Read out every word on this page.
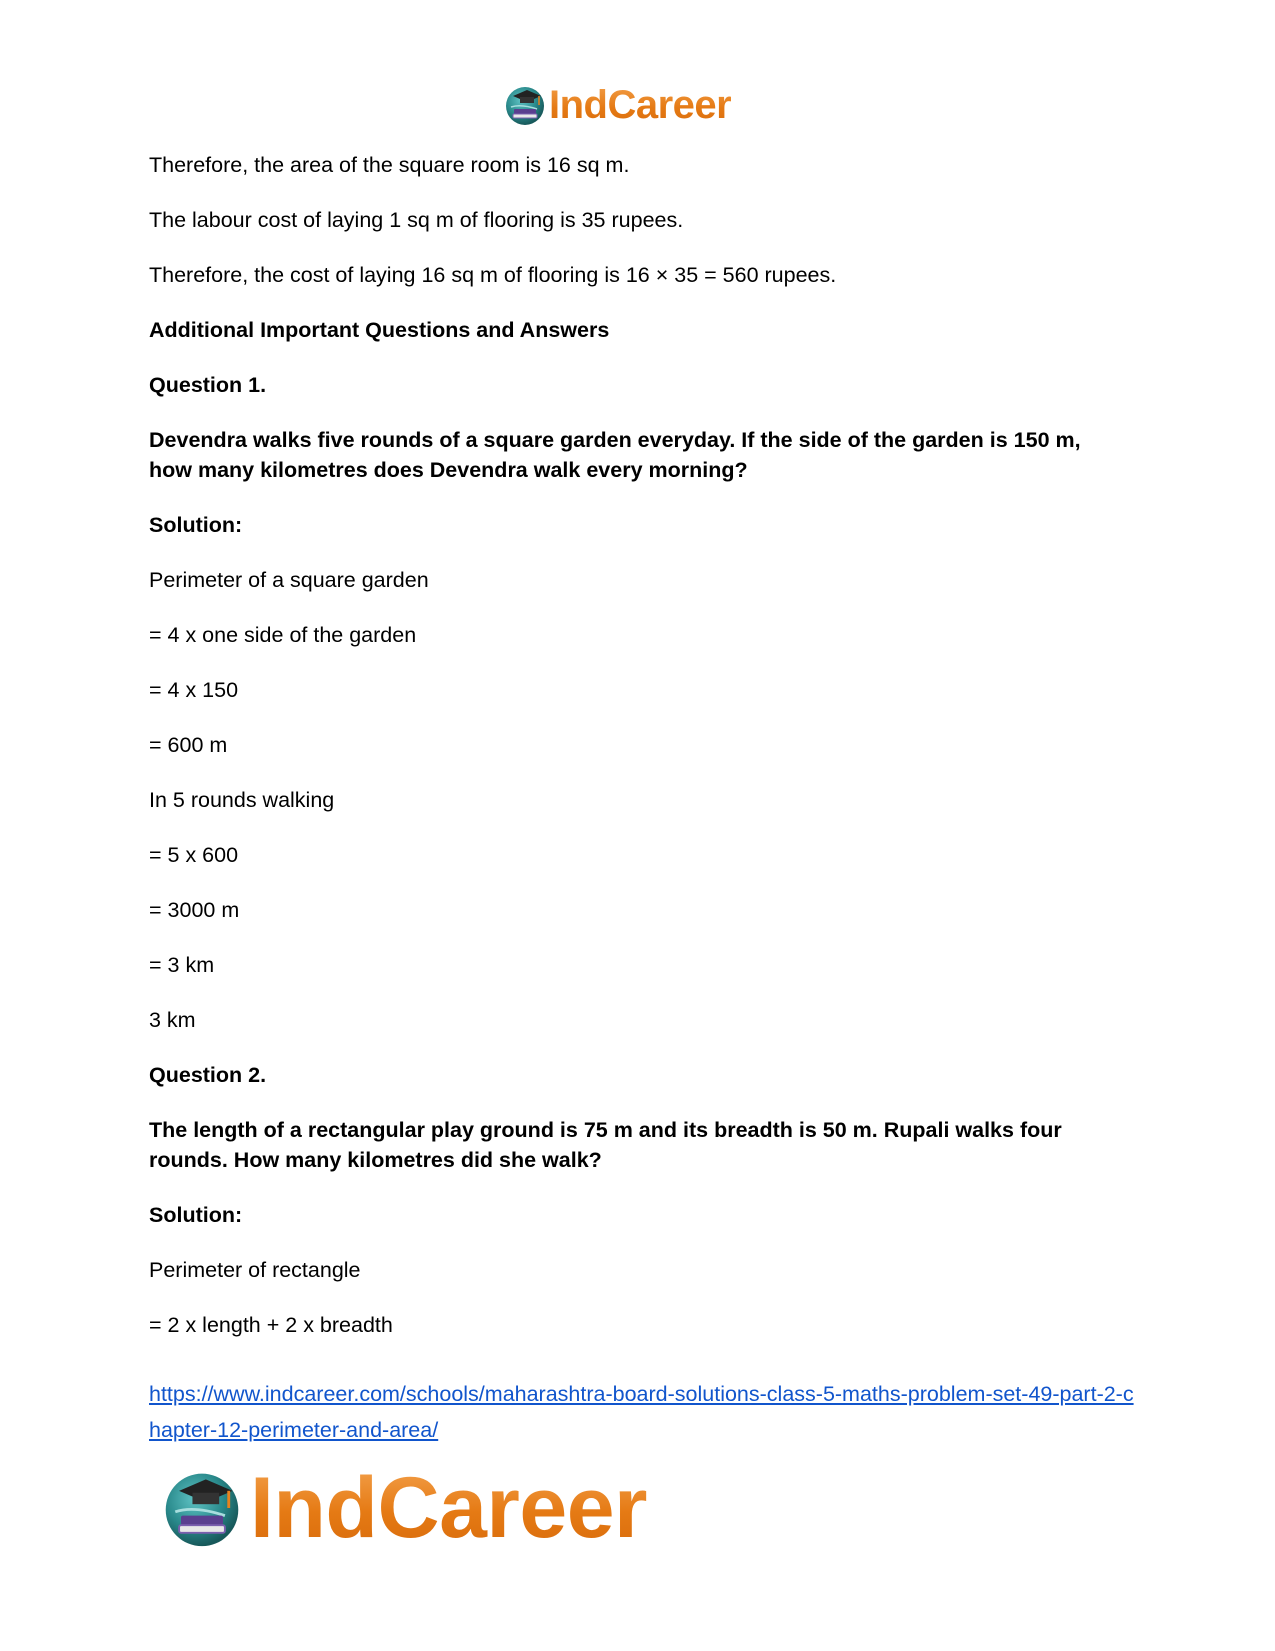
IndCareer

Therefore, the area of the square room is 16 sq m.

The labour cost of laying 1 sq m of flooring is 35 rupees.

Therefore, the cost of laying 16 sq m of flooring is 16 × 35 = 560 rupees.

Additional Important Questions and Answers

Question 1.

Devendra walks five rounds of a square garden everyday. If the side of the garden is 150 m, how many kilometres does Devendra walk every morning?

Solution:

Perimeter of a square garden

= 4 x one side of the garden

= 4 x 150

= 600 m

In 5 rounds walking

= 5 x 600

= 3000 m

= 3 km

3 km

Question 2.

The length of a rectangular play ground is 75 m and its breadth is 50 m. Rupali walks four rounds. How many kilometres did she walk?

Solution:

Perimeter of rectangle

= 2 x length + 2 x breadth

https://www.indcareer.com/schools/maharashtra-board-solutions-class-5-maths-problem-set-49-part-2-chapter-12-perimeter-and-area/
IndCareer
